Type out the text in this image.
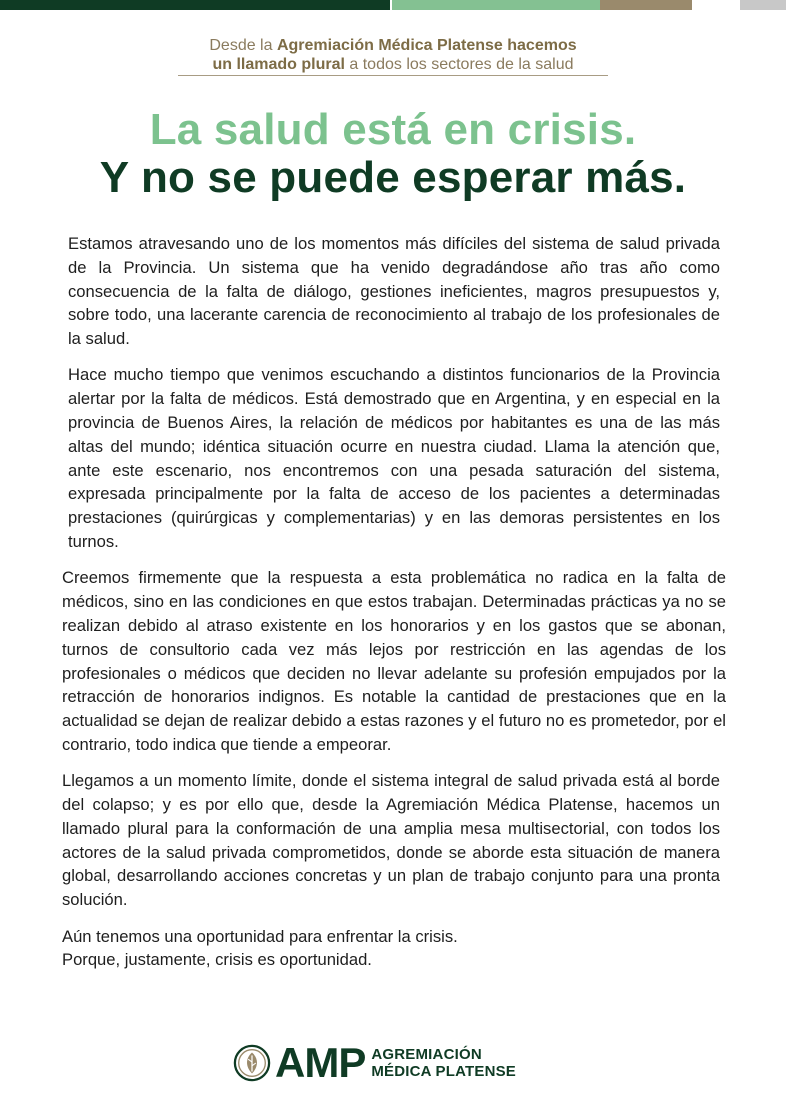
Desde la Agremiación Médica Platense hacemos
un llamado plural a todos los sectores de la salud
La salud está en crisis.
Y no se puede esperar más.

Estamos atravesando uno de los momentos más difíciles del sistema de salud privada de la Provincia. Un sistema que ha venido degradándose año tras año como consecuencia de la falta de diálogo, gestiones ineficientes, magros presupuestos y, sobre todo, una lacerante carencia de reconocimiento al trabajo de los profesionales de la salud.

Hace mucho tiempo que venimos escuchando a distintos funcionarios de la Provincia alertar por la falta de médicos. Está demostrado que en Argentina, y en especial en la provincia de Buenos Aires, la relación de médicos por habitantes es una de las más altas del mundo; idéntica situación ocurre en nuestra ciudad. Llama la atención que, ante este escenario, nos encontremos con una pesada saturación del sistema, expresada principalmente por la falta de acceso de los pacientes a determinadas prestaciones (quirúrgicas y complementarias) y en las demoras persistentes en los turnos.

Creemos firmemente que la respuesta a esta problemática no radica en la falta de médicos, sino en las condiciones en que estos trabajan. Determinadas prácticas ya no se realizan debido al atraso existente en los honorarios y en los gastos que se abonan, turnos de consultorio cada vez más lejos por restricción en las agendas de los profesionales o médicos que deciden no llevar adelante su profesión empujados por la retracción de honorarios indignos. Es notable la cantidad de prestaciones que en la actualidad se dejan de realizar debido a estas razones y el futuro no es prometedor, por el contrario, todo indica que tiende a empeorar.

Llegamos a un momento límite, donde el sistema integral de salud privada está al borde del colapso; y es por ello que, desde la Agremiación Médica Platense, hacemos un llamado plural para la conformación de una amplia mesa multisectorial, con todos los actores de la salud privada comprometidos, donde se aborde esta situación de manera global, desarrollando acciones concretas y un plan de trabajo conjunto para una pronta solución.

Aún tenemos una oportunidad para enfrentar la crisis.
Porque, justamente, crisis es oportunidad.

AMP AGREMIACIÓN
MÉDICA PLATENSE
